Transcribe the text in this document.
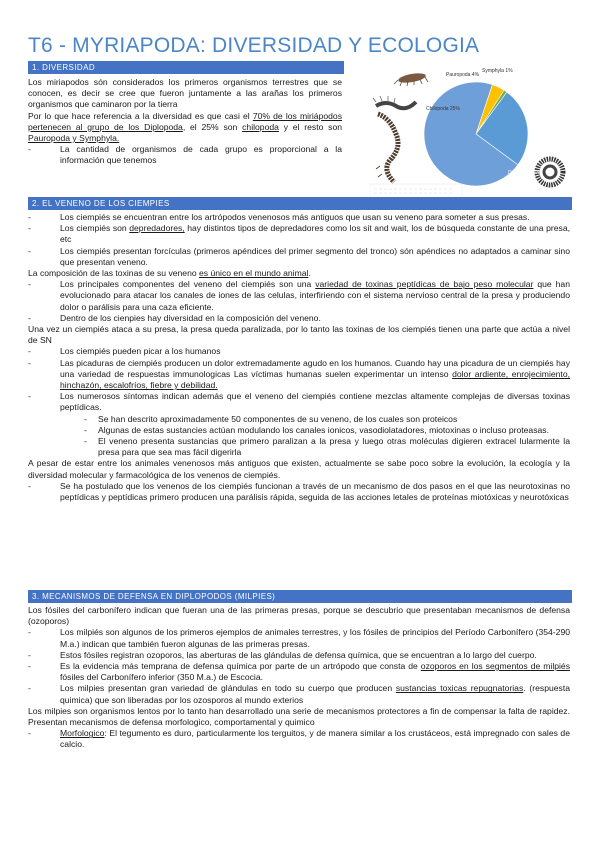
T6 - MYRIAPODA: DIVERSIDAD Y ECOLOGIA
1. DIVERSIDAD

Los miriapodos són considerados los primeros organismos terrestres que se conocen, es decir se cree que fueron juntamente a las arañas los primeros organismos que caminaron por la tierra

Por lo que hace referencia a la diversidad es que casi el 70% de los miriápodos pertenecen al grupo de los Diplopoda, el 25% son chilopoda y el resto son Pauropoda y Symphyla.

- La cantidad de organismos de cada grupo es proporcional a la información que tenemos

Pauropoda 4%
Symphyla 1%
Chilopoda 25%
Diplopoda 70%
2. EL VENENO DE LOS CIEMPIES

- Los ciempiés se encuentran entre los artrópodos venenosos más antiguos que usan su veneno para someter a sus presas.

- Los ciempiés son depredadores, hay distintos tipos de depredadores como los sit and wait, los de búsqueda constante de una presa, etc

- Los ciempiés presentan forcículas (primeros apéndices del primer segmento del tronco) són apéndices no adaptados a caminar sino que presentan veneno.

La composición de las toxinas de su veneno es único en el mundo animal.

- Los principales componentes del veneno del ciempiés son una variedad de toxinas peptídicas de bajo peso molecular que han evolucionado para atacar los canales de iones de las celulas, interfiriendo con el sistema nervioso central de la presa y produciendo dolor o parálisis para una caza eficiente.

- Dentro de los cienpies hay diversidad en la composición del veneno.

Una vez un ciempiés ataca a su presa, la presa queda paralizada, por lo tanto las toxinas de los ciempiés tienen una parte que actúa a nivel de SN

- Los ciempiés pueden picar a los humanos

- Las picaduras de ciempiés producen un dolor extremadamente agudo en los humanos. Cuando hay una picadura de un ciempiés hay una variedad de respuestas immunologicas Las víctimas humanas suelen experimentar un intenso dolor ardiente, enrojecimiento, hinchazón, escalofríos, fiebre y debilidad.

- Los numerosos síntomas indican además que el veneno del ciempiés contiene mezclas altamente complejas de diversas toxinas peptídicas.

- Se han descrito aproximadamente 50 componentes de su veneno, de los cuales son proteicos

- Algunas de estas sustancies actúan modulando los canales ionicos, vasodiolatadores, miotoxinas o incluso proteasas.

- El veneno presenta sustancias que primero paralizan a la presa y luego otras moléculas digieren extracel lularmente la presa para que sea mas fácil digerirla

A pesar de estar entre los animales venenosos más antiguos que existen, actualmente se sabe poco sobre la evolución, la ecología y la diversidad molecular y farmacológica de los venenos de ciempiés.

- Se ha postulado que los venenos de los ciempiés funcionan a través de un mecanismo de dos pasos en el que las neurotoxinas no peptídicas y peptídicas primero producen una parálisis rápida, seguida de las acciones letales de proteínas miotóxicas y neurotóxicas

3. MECANISMOS DE DEFENSA EN DIPLOPODOS (MILPIES)

Los fósiles del carbonífero indican que fueran una de las primeras presas, porque se descubrio que presentaban mecanismos de defensa (ozoporos)

- Los milpiés son algunos de los primeros ejemplos de animales terrestres, y los fósiles de principios del Período Carbonífero (354-290 M.a.) indican que también fueron algunas de las primeras presas.

- Estos fósiles registran ozoporos, las aberturas de las glándulas de defensa química, que se encuentran a lo largo del cuerpo.

- Es la evidencia más temprana de defensa química por parte de un artrópodo que consta de ozoporos en los segmentos de milpiés fósiles del Carbonífero inferior (350 M.a.) de Escocia.

- Los milpies presentan gran variedad de glándulas en todo su cuerpo que producen sustancias toxicas repugnatorias. (respuesta quimica) que son liberadas por los ozosporos al mundo exterios

Los milpies son organismos lentos por lo tanto han desarrollado una serie de mecanismos protectores a fin de compensar la falta de rapidez. Presentan mecanismos de defensa morfologico, comportamental y quimico

- Morfologico: El tegumento es duro, particularmente los terguitos, y de manera similar a los crustáceos, está impregnado con sales de calcio.
